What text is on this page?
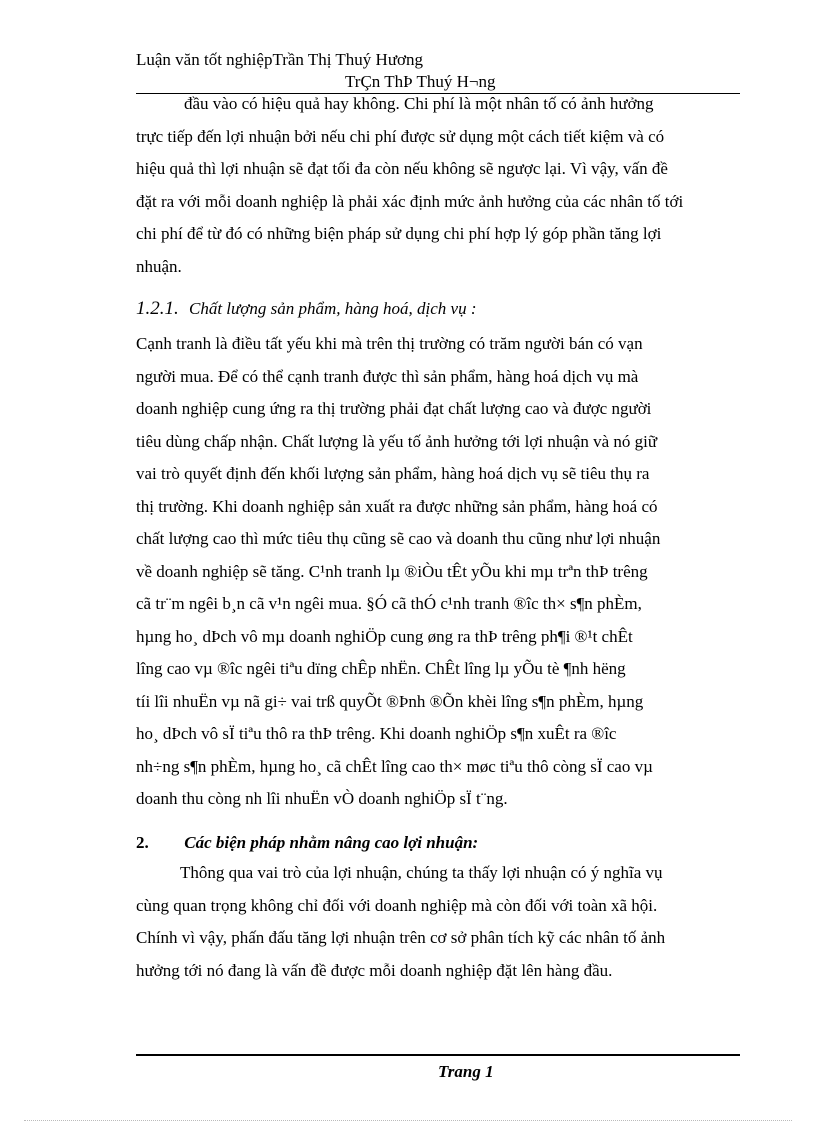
Luận văn tốt nghiệpTrần Thị Thuý Hương
TrÇn ThÞ Thuý H¬ng
đầu vào có hiệu quả hay không. Chi phí là một nhân tố có ảnh hưởng
trực tiếp đến lợi nhuận bởi nếu chi phí được sử dụng một cách tiết kiệm và có
hiệu quả thì lợi nhuận sẽ đạt tối đa còn nếu không sẽ ngược lại. Vì vậy, vấn đề
đặt ra với mỗi doanh nghiệp là phải xác định mức ảnh hưởng của các nhân tố tới
chi phí để từ đó có những biện pháp sử dụng chi phí hợp lý góp phần tăng lợi
nhuận.
1.2.1. Chất lượng sản phẩm, hàng hoá, dịch vụ :
Cạnh tranh là điều tất yếu khi mà trên thị trường có trăm người bán có vạn
người mua. Để có thể cạnh tranh được thì sản phẩm, hàng hoá dịch vụ mà
doanh nghiệp cung ứng ra thị trường phải đạt chất lượng cao và được người
tiêu dùng chấp nhận. Chất lượng là yếu tố ảnh hưởng tới lợi nhuận và nó giữ
vai trò quyết định đến khối lượng sản phẩm, hàng hoá dịch vụ sẽ tiêu thụ ra
thị trường. Khi doanh nghiệp sản xuất ra được những sản phẩm, hàng hoá có
chất lượng cao thì mức tiêu thụ cũng sẽ cao và doanh thu cũng như lợi nhuận
về doanh nghiệp sẽ tăng. C¹nh tranh lµ ®iÒu tÊt yÕu khi mµ trªn thÞ trêng
cã tr¨m ngêi b¸n cã v¹n ngêi mua. §Ó cã thÓ c¹nh tranh ®îc th× s¶n phÈm,
hµng ho¸ dÞch vô mµ doanh nghiÖp cung øng ra thÞ trêng ph¶i ®¹t chÊt
lîng cao vµ ®îc ngêi tiªu dïng chÊp nhËn. ChÊt lîng lµ yÕu tè ¶nh hëng
tíi lîi nhuËn vµ nã gi÷ vai trß quyÕt ®Þnh ®Õn khèi lîng s¶n phÈm, hµng
ho¸ dÞch vô sÏ tiªu thô ra thÞ trêng. Khi doanh nghiÖp s¶n xuÊt ra ®îc
nh÷ng s¶n phÈm, hµng ho¸ cã chÊt lîng cao th× møc tiªu thô còng sÏ cao vµ
doanh thu còng nh lîi nhuËn vÒ doanh nghiÖp sÏ t¨ng.
2. Các biện pháp nhằm nâng cao lợi nhuận:
Thông qua vai trò của lợi nhuận, chúng ta thấy lợi nhuận có ý nghĩa vụ
cùng quan trọng không chỉ đối với doanh nghiệp mà còn đối với toàn xã hội.
Chính vì vậy, phấn đấu tăng lợi nhuận trên cơ sở phân tích kỹ các nhân tố ảnh
hưởng tới nó đang là vấn đề được mỗi doanh nghiệp đặt lên hàng đầu.
Trang 1
